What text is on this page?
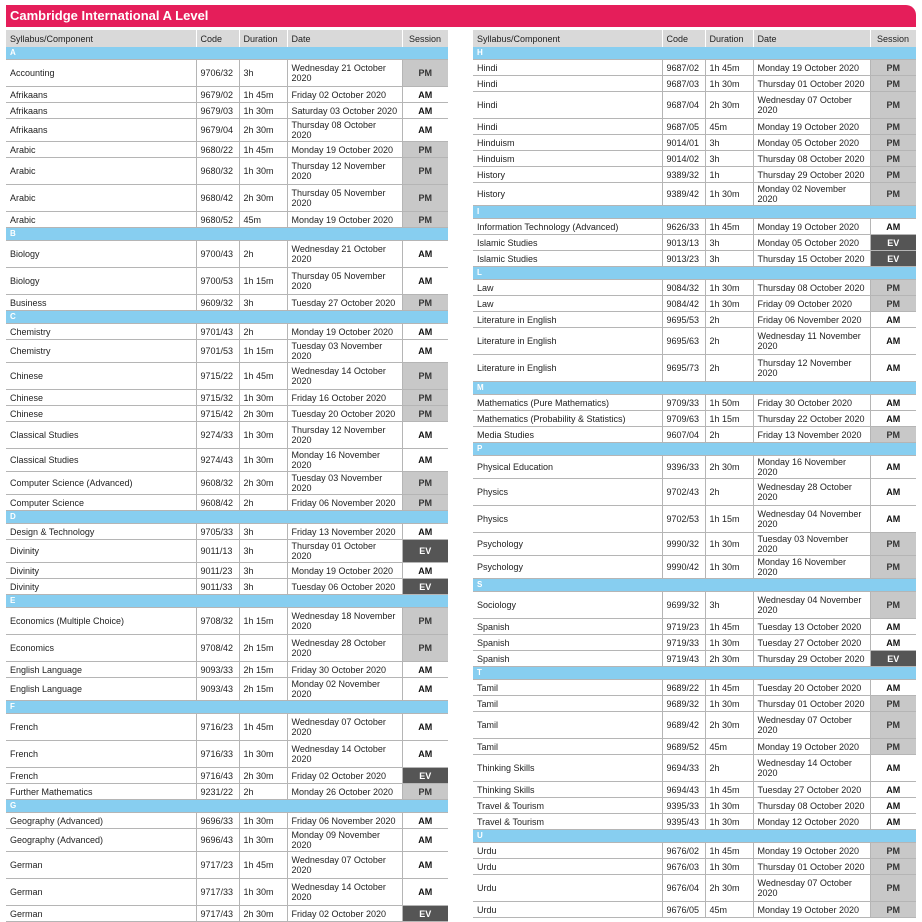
Cambridge International A Level
Syllabus/Component	Code	Duration	Date	Session
A				
Accounting	9706/32	3h	Wednesday 21 October 2020	PM
Afrikaans	9679/02	1h 45m	Friday 02 October 2020	AM
Afrikaans	9679/03	1h 30m	Saturday 03 October 2020	AM
Afrikaans	9679/04	2h 30m	Thursday 08 October 2020	AM
Arabic	9680/22	1h 45m	Monday 19 October 2020	PM
Arabic	9680/32	1h 30m	Thursday 12 November 2020	PM
Arabic	9680/42	2h 30m	Thursday 05 November 2020	PM
Arabic	9680/52	45m	Monday 19 October 2020	PM
B				
Biology	9700/43	2h	Wednesday 21 October 2020	AM
Biology	9700/53	1h 15m	Thursday 05 November 2020	AM
Business	9609/32	3h	Tuesday 27 October 2020	PM
C				
Chemistry	9701/43	2h	Monday 19 October 2020	AM
Chemistry	9701/53	1h 15m	Tuesday 03 November 2020	AM
Chinese	9715/22	1h 45m	Wednesday 14 October 2020	PM
Chinese	9715/32	1h 30m	Friday 16 October 2020	PM
Chinese	9715/42	2h 30m	Tuesday 20 October 2020	PM
Classical Studies	9274/33	1h 30m	Thursday 12 November 2020	AM
Classical Studies	9274/43	1h 30m	Monday 16 November 2020	AM
Computer Science (Advanced)	9608/32	2h 30m	Tuesday 03 November 2020	PM
Computer Science	9608/42	2h	Friday 06 November 2020	PM
D				
Design & Technology	9705/33	3h	Friday 13 November 2020	AM
Divinity	9011/13	3h	Thursday 01 October 2020	EV
Divinity	9011/23	3h	Monday 19 October 2020	AM
Divinity	9011/33	3h	Tuesday 06 October 2020	EV
E				
Economics (Multiple Choice)	9708/32	1h 15m	Wednesday 18 November 2020	PM
Economics	9708/42	2h 15m	Wednesday 28 October 2020	PM
English Language	9093/33	2h 15m	Friday 30 October 2020	AM
English Language	9093/43	2h 15m	Monday 02 November 2020	AM
F				
French	9716/23	1h 45m	Wednesday 07 October 2020	AM
French	9716/33	1h 30m	Wednesday 14 October 2020	AM
French	9716/43	2h 30m	Friday 02 October 2020	EV
Further Mathematics	9231/22	2h	Monday 26 October 2020	PM
G				
Geography (Advanced)	9696/33	1h 30m	Friday 06 November 2020	AM
Geography (Advanced)	9696/43	1h 30m	Monday 09 November 2020	AM
German	9717/23	1h 45m	Wednesday 07 October 2020	AM
German	9717/33	1h 30m	Wednesday 14 October 2020	AM
German	9717/43	2h 30m	Friday 02 October 2020	EV
Syllabus/Component	Code	Duration	Date	Session
H				
Hindi	9687/02	1h 45m	Monday 19 October 2020	PM
Hindi	9687/03	1h 30m	Thursday 01 October 2020	PM
Hindi	9687/04	2h 30m	Wednesday 07 October 2020	PM
Hindi	9687/05	45m	Monday 19 October 2020	PM
Hinduism	9014/01	3h	Monday 05 October 2020	PM
Hinduism	9014/02	3h	Thursday 08 October 2020	PM
History	9389/32	1h	Thursday 29 October 2020	PM
History	9389/42	1h 30m	Monday 02 November 2020	PM
I				
Information Technology (Advanced)	9626/33	1h 45m	Monday 19 October 2020	AM
Islamic Studies	9013/13	3h	Monday 05 October 2020	EV
Islamic Studies	9013/23	3h	Thursday 15 October 2020	EV
L				
Law	9084/32	1h 30m	Thursday 08 October 2020	PM
Law	9084/42	1h 30m	Friday 09 October 2020	PM
Literature in English	9695/53	2h	Friday 06 November 2020	AM
Literature in English	9695/63	2h	Wednesday 11 November 2020	AM
Literature in English	9695/73	2h	Thursday 12 November 2020	AM
M				
Mathematics (Pure Mathematics)	9709/33	1h 50m	Friday 30 October 2020	AM
Mathematics (Probability & Statistics)	9709/63	1h 15m	Thursday 22 October 2020	AM
Media Studies	9607/04	2h	Friday 13 November 2020	PM
P				
Physical Education	9396/33	2h 30m	Monday 16 November 2020	AM
Physics	9702/43	2h	Wednesday 28 October 2020	AM
Physics	9702/53	1h 15m	Wednesday 04 November 2020	AM
Psychology	9990/32	1h 30m	Tuesday 03 November 2020	PM
Psychology	9990/42	1h 30m	Monday 16 November 2020	PM
S				
Sociology	9699/32	3h	Wednesday 04 November 2020	PM
Spanish	9719/23	1h 45m	Tuesday 13 October 2020	AM
Spanish	9719/33	1h 30m	Tuesday 27 October 2020	AM
Spanish	9719/43	2h 30m	Thursday 29 October 2020	EV
T				
Tamil	9689/22	1h 45m	Tuesday 20 October 2020	AM
Tamil	9689/32	1h 30m	Thursday 01 October 2020	PM
Tamil	9689/42	2h 30m	Wednesday 07 October 2020	PM
Tamil	9689/52	45m	Monday 19 October 2020	PM
Thinking Skills	9694/33	2h	Wednesday 14 October 2020	AM
Thinking Skills	9694/43	1h 45m	Tuesday 27 October 2020	AM
Travel & Tourism	9395/33	1h 30m	Thursday 08 October 2020	AM
Travel & Tourism	9395/43	1h 30m	Monday 12 October 2020	AM
U				
Urdu	9676/02	1h 45m	Monday 19 October 2020	PM
Urdu	9676/03	1h 30m	Thursday 01 October 2020	PM
Urdu	9676/04	2h 30m	Wednesday 07 October 2020	PM
Urdu	9676/05	45m	Monday 19 October 2020	PM
